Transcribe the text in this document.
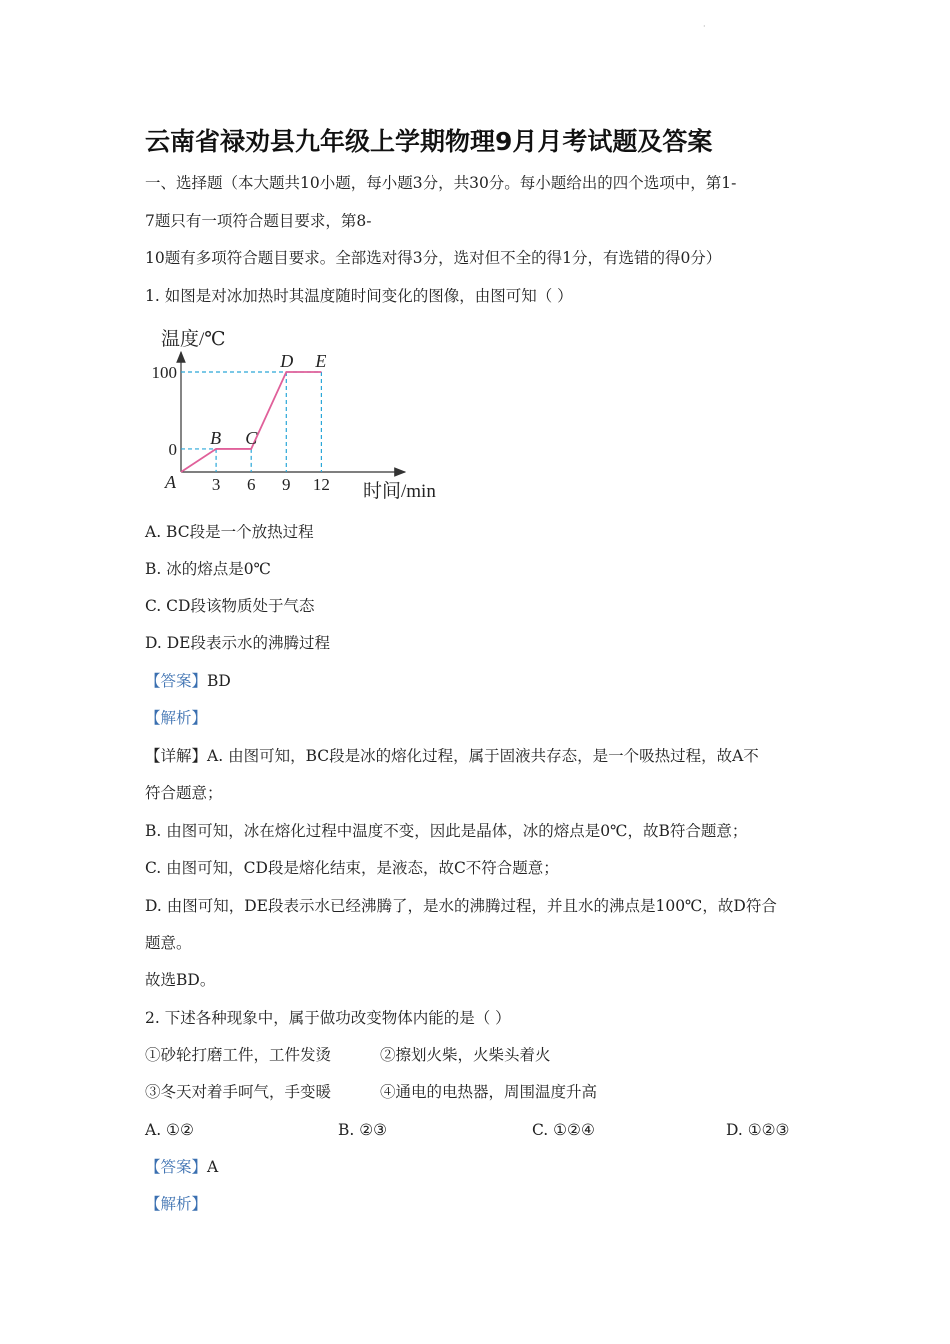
·
云南省禄劝县九年级上学期物理9月月考试题及答案
一、选择题（本大题共10小题，每小题3分，共30分。每小题给出的四个选项中，第1-
7题只有一项符合题目要求，第8-
10题有多项符合题目要求。全部选对得3分，选对但不全的得1分，有选错的得0分）
1. 如图是对冰加热时其温度随时间变化的图像，由图可知（ ）
温度/℃
时间/min
A
B C
D E
3 6 9 12
0
100
A. BC段是一个放热过程
B. 冰的熔点是0℃
C. CD段该物质处于气态
D. DE段表示水的沸腾过程
【答案】BD
【解析】
【详解】A. 由图可知，BC段是冰的熔化过程，属于固液共存态，是一个吸热过程，故A不
符合题意；
B. 由图可知，冰在熔化过程中温度不变，因此是晶体，冰的熔点是0℃，故B符合题意；
C. 由图可知，CD段是熔化结束，是液态，故C不符合题意；
D. 由图可知，DE段表示水已经沸腾了，是水的沸腾过程，并且水的沸点是100℃，故D符合
题意。
故选BD。
2. 下述各种现象中，属于做功改变物体内能的是（ ）
①砂轮打磨工件，工件发烫	②擦划火柴，火柴头着火
③冬天对着手呵气，手变暖	④通电的电热器，周围温度升高
A. ①②	B. ②③	C. ①②④	D. ①②③
【答案】A
【解析】
